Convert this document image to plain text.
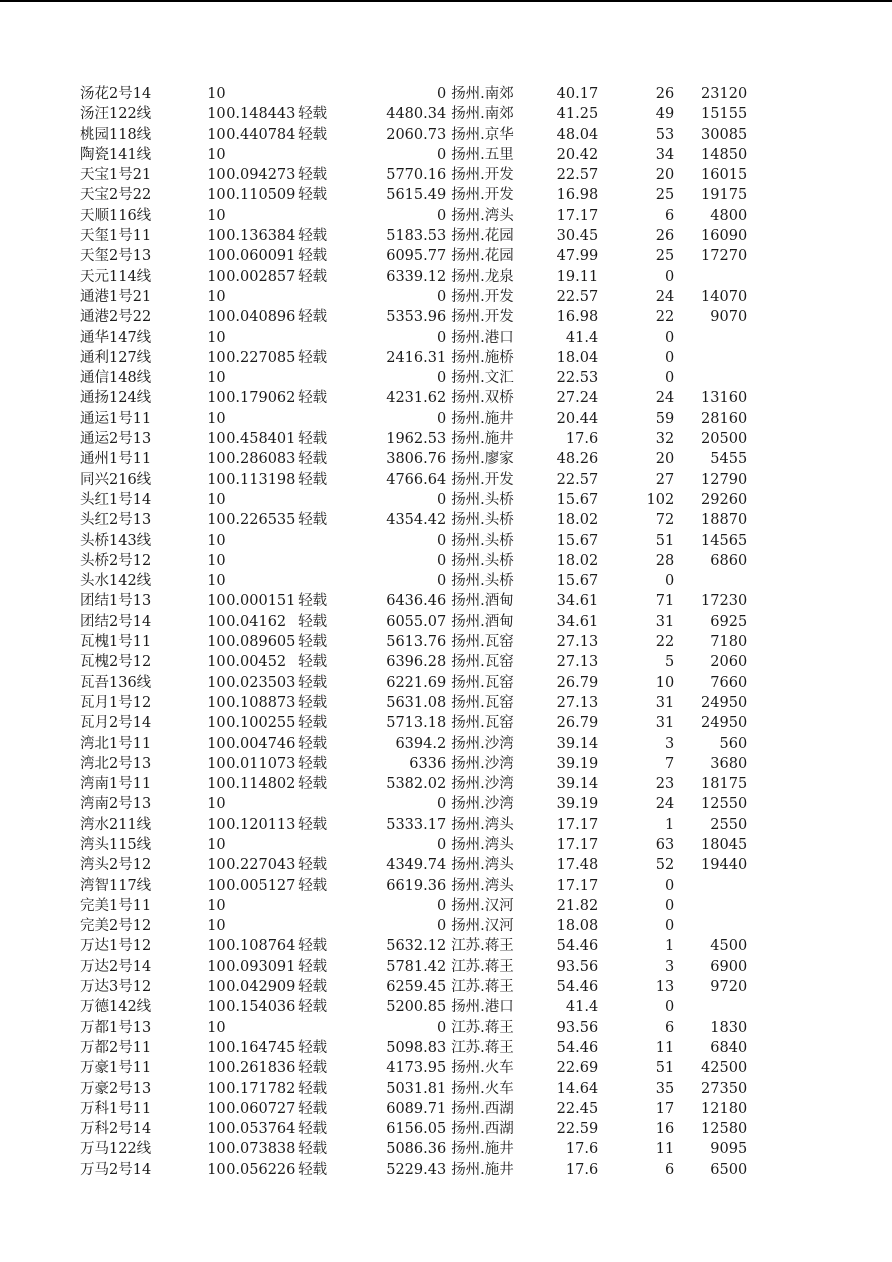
汤花2号14	10			0	扬州.南郊	40.17	26	23120
汤汪122线	10	0.148443	轻载	4480.34	扬州.南郊	41.25	49	15155
桃园118线	10	0.440784	轻载	2060.73	扬州.京华	48.04	53	30085
陶瓷141线	10			0	扬州.五里	20.42	34	14850
天宝1号21	10	0.094273	轻载	5770.16	扬州.开发	22.57	20	16015
天宝2号22	10	0.110509	轻载	5615.49	扬州.开发	16.98	25	19175
天顺116线	10			0	扬州.湾头	17.17	6	4800
天玺1号11	10	0.136384	轻载	5183.53	扬州.花园	30.45	26	16090
天玺2号13	10	0.060091	轻载	6095.77	扬州.花园	47.99	25	17270
天元114线	10	0.002857	轻载	6339.12	扬州.龙泉	19.11	0	
通港1号21	10			0	扬州.开发	22.57	24	14070
通港2号22	10	0.040896	轻载	5353.96	扬州.开发	16.98	22	9070
通华147线	10			0	扬州.港口	41.4	0	
通利127线	10	0.227085	轻载	2416.31	扬州.施桥	18.04	0	
通信148线	10			0	扬州.文汇	22.53	0	
通扬124线	10	0.179062	轻载	4231.62	扬州.双桥	27.24	24	13160
通运1号11	10			0	扬州.施井	20.44	59	28160
通运2号13	10	0.458401	轻载	1962.53	扬州.施井	17.6	32	20500
通州1号11	10	0.286083	轻载	3806.76	扬州.廖家	48.26	20	5455
同兴216线	10	0.113198	轻载	4766.64	扬州.开发	22.57	27	12790
头红1号14	10			0	扬州.头桥	15.67	102	29260
头红2号13	10	0.226535	轻载	4354.42	扬州.头桥	18.02	72	18870
头桥143线	10			0	扬州.头桥	15.67	51	14565
头桥2号12	10			0	扬州.头桥	18.02	28	6860
头水142线	10			0	扬州.头桥	15.67	0	
团结1号13	10	0.000151	轻载	6436.46	扬州.酒甸	34.61	71	17230
团结2号14	10	0.04162	轻载	6055.07	扬州.酒甸	34.61	31	6925
瓦槐1号11	10	0.089605	轻载	5613.76	扬州.瓦窑	27.13	22	7180
瓦槐2号12	10	0.00452	轻载	6396.28	扬州.瓦窑	27.13	5	2060
瓦吾136线	10	0.023503	轻载	6221.69	扬州.瓦窑	26.79	10	7660
瓦月1号12	10	0.108873	轻载	5631.08	扬州.瓦窑	27.13	31	24950
瓦月2号14	10	0.100255	轻载	5713.18	扬州.瓦窑	26.79	31	24950
湾北1号11	10	0.004746	轻载	6394.2	扬州.沙湾	39.14	3	560
湾北2号13	10	0.011073	轻载	6336	扬州.沙湾	39.19	7	3680
湾南1号11	10	0.114802	轻载	5382.02	扬州.沙湾	39.14	23	18175
湾南2号13	10			0	扬州.沙湾	39.19	24	12550
湾水211线	10	0.120113	轻载	5333.17	扬州.湾头	17.17	1	2550
湾头115线	10			0	扬州.湾头	17.17	63	18045
湾头2号12	10	0.227043	轻载	4349.74	扬州.湾头	17.48	52	19440
湾智117线	10	0.005127	轻载	6619.36	扬州.湾头	17.17	0	
完美1号11	10			0	扬州.汉河	21.82	0	
完美2号12	10			0	扬州.汉河	18.08	0	
万达1号12	10	0.108764	轻载	5632.12	江苏.蒋王	54.46	1	4500
万达2号14	10	0.093091	轻载	5781.42	江苏.蒋王	93.56	3	6900
万达3号12	10	0.042909	轻载	6259.45	江苏.蒋王	54.46	13	9720
万德142线	10	0.154036	轻载	5200.85	扬州.港口	41.4	0	
万都1号13	10			0	江苏.蒋王	93.56	6	1830
万都2号11	10	0.164745	轻载	5098.83	江苏.蒋王	54.46	11	6840
万豪1号11	10	0.261836	轻载	4173.95	扬州.火车	22.69	51	42500
万豪2号13	10	0.171782	轻载	5031.81	扬州.火车	14.64	35	27350
万科1号11	10	0.060727	轻载	6089.71	扬州.西湖	22.45	17	12180
万科2号14	10	0.053764	轻载	6156.05	扬州.西湖	22.59	16	12580
万马122线	10	0.073838	轻载	5086.36	扬州.施井	17.6	11	9095
万马2号14	10	0.056226	轻载	5229.43	扬州.施井	17.6	6	6500
